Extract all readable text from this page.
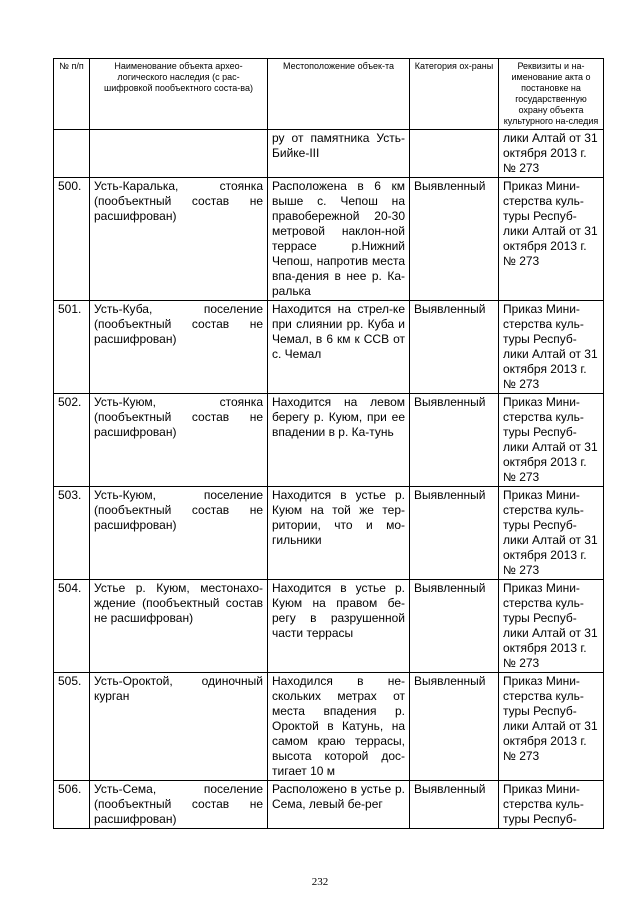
№ п/п	Наименование объекта архео-логического наследия (с рас-шифровкой пообъектного соста-ва)	Местоположение объек-та	Категория ох-раны	Реквизиты и на-именование акта о постановке на государственную охрану объекта культурного на-следия
		ру от памятника Усть-Бийке-III		лики Алтай от 31 октября 2013 г. № 273
500.	Усть-Каралька, стоянка (пообъектный состав не расшифрован)	Расположена в 6 км выше с. Чепош на правобережной 20-30 метровой наклон-ной террасе р.Нижний Чепош, напротив места впа-дения в нее р. Ка-ралька	Выявленный	Приказ Мини-стерства куль-туры Респуб-лики Алтай от 31 октября 2013 г. № 273
501.	Усть-Куба, поселение (пообъектный состав не расшифрован)	Находится на стрел-ке при слиянии рр. Куба и Чемал, в 6 км к ССВ от с. Чемал	Выявленный	Приказ Мини-стерства куль-туры Респуб-лики Алтай от 31 октября 2013 г. № 273
502.	Усть-Куюм, стоянка (пообъектный состав не расшифрован)	Находится на левом берегу р. Куюм, при ее впадении в р. Ка-тунь	Выявленный	Приказ Мини-стерства куль-туры Респуб-лики Алтай от 31 октября 2013 г. № 273
503.	Усть-Куюм, поселение (пообъектный состав не расшифрован)	Находится в устье р. Куюм на той же тер-ритории, что и мо-гильники	Выявленный	Приказ Мини-стерства куль-туры Респуб-лики Алтай от 31 октября 2013 г. № 273
504.	Устье р. Куюм, местонахо-ждение (пообъектный состав не расшифрован)	Находится в устье р. Куюм на правом бе-регу в разрушенной части террасы	Выявленный	Приказ Мини-стерства куль-туры Респуб-лики Алтай от 31 октября 2013 г. № 273
505.	Усть-Ороктой, одиночный курган	Находился в не-скольких метрах от места впадения р. Ороктой в Катунь, на самом краю террасы, высота которой дос-тигает 10 м	Выявленный	Приказ Мини-стерства куль-туры Респуб-лики Алтай от 31 октября 2013 г. № 273
506.	Усть-Сема, поселение (пообъектный состав не расшифрован)	Расположено в устье р. Сема, левый бе-рег	Выявленный	Приказ Мини-стерства куль-туры Респуб-
232
